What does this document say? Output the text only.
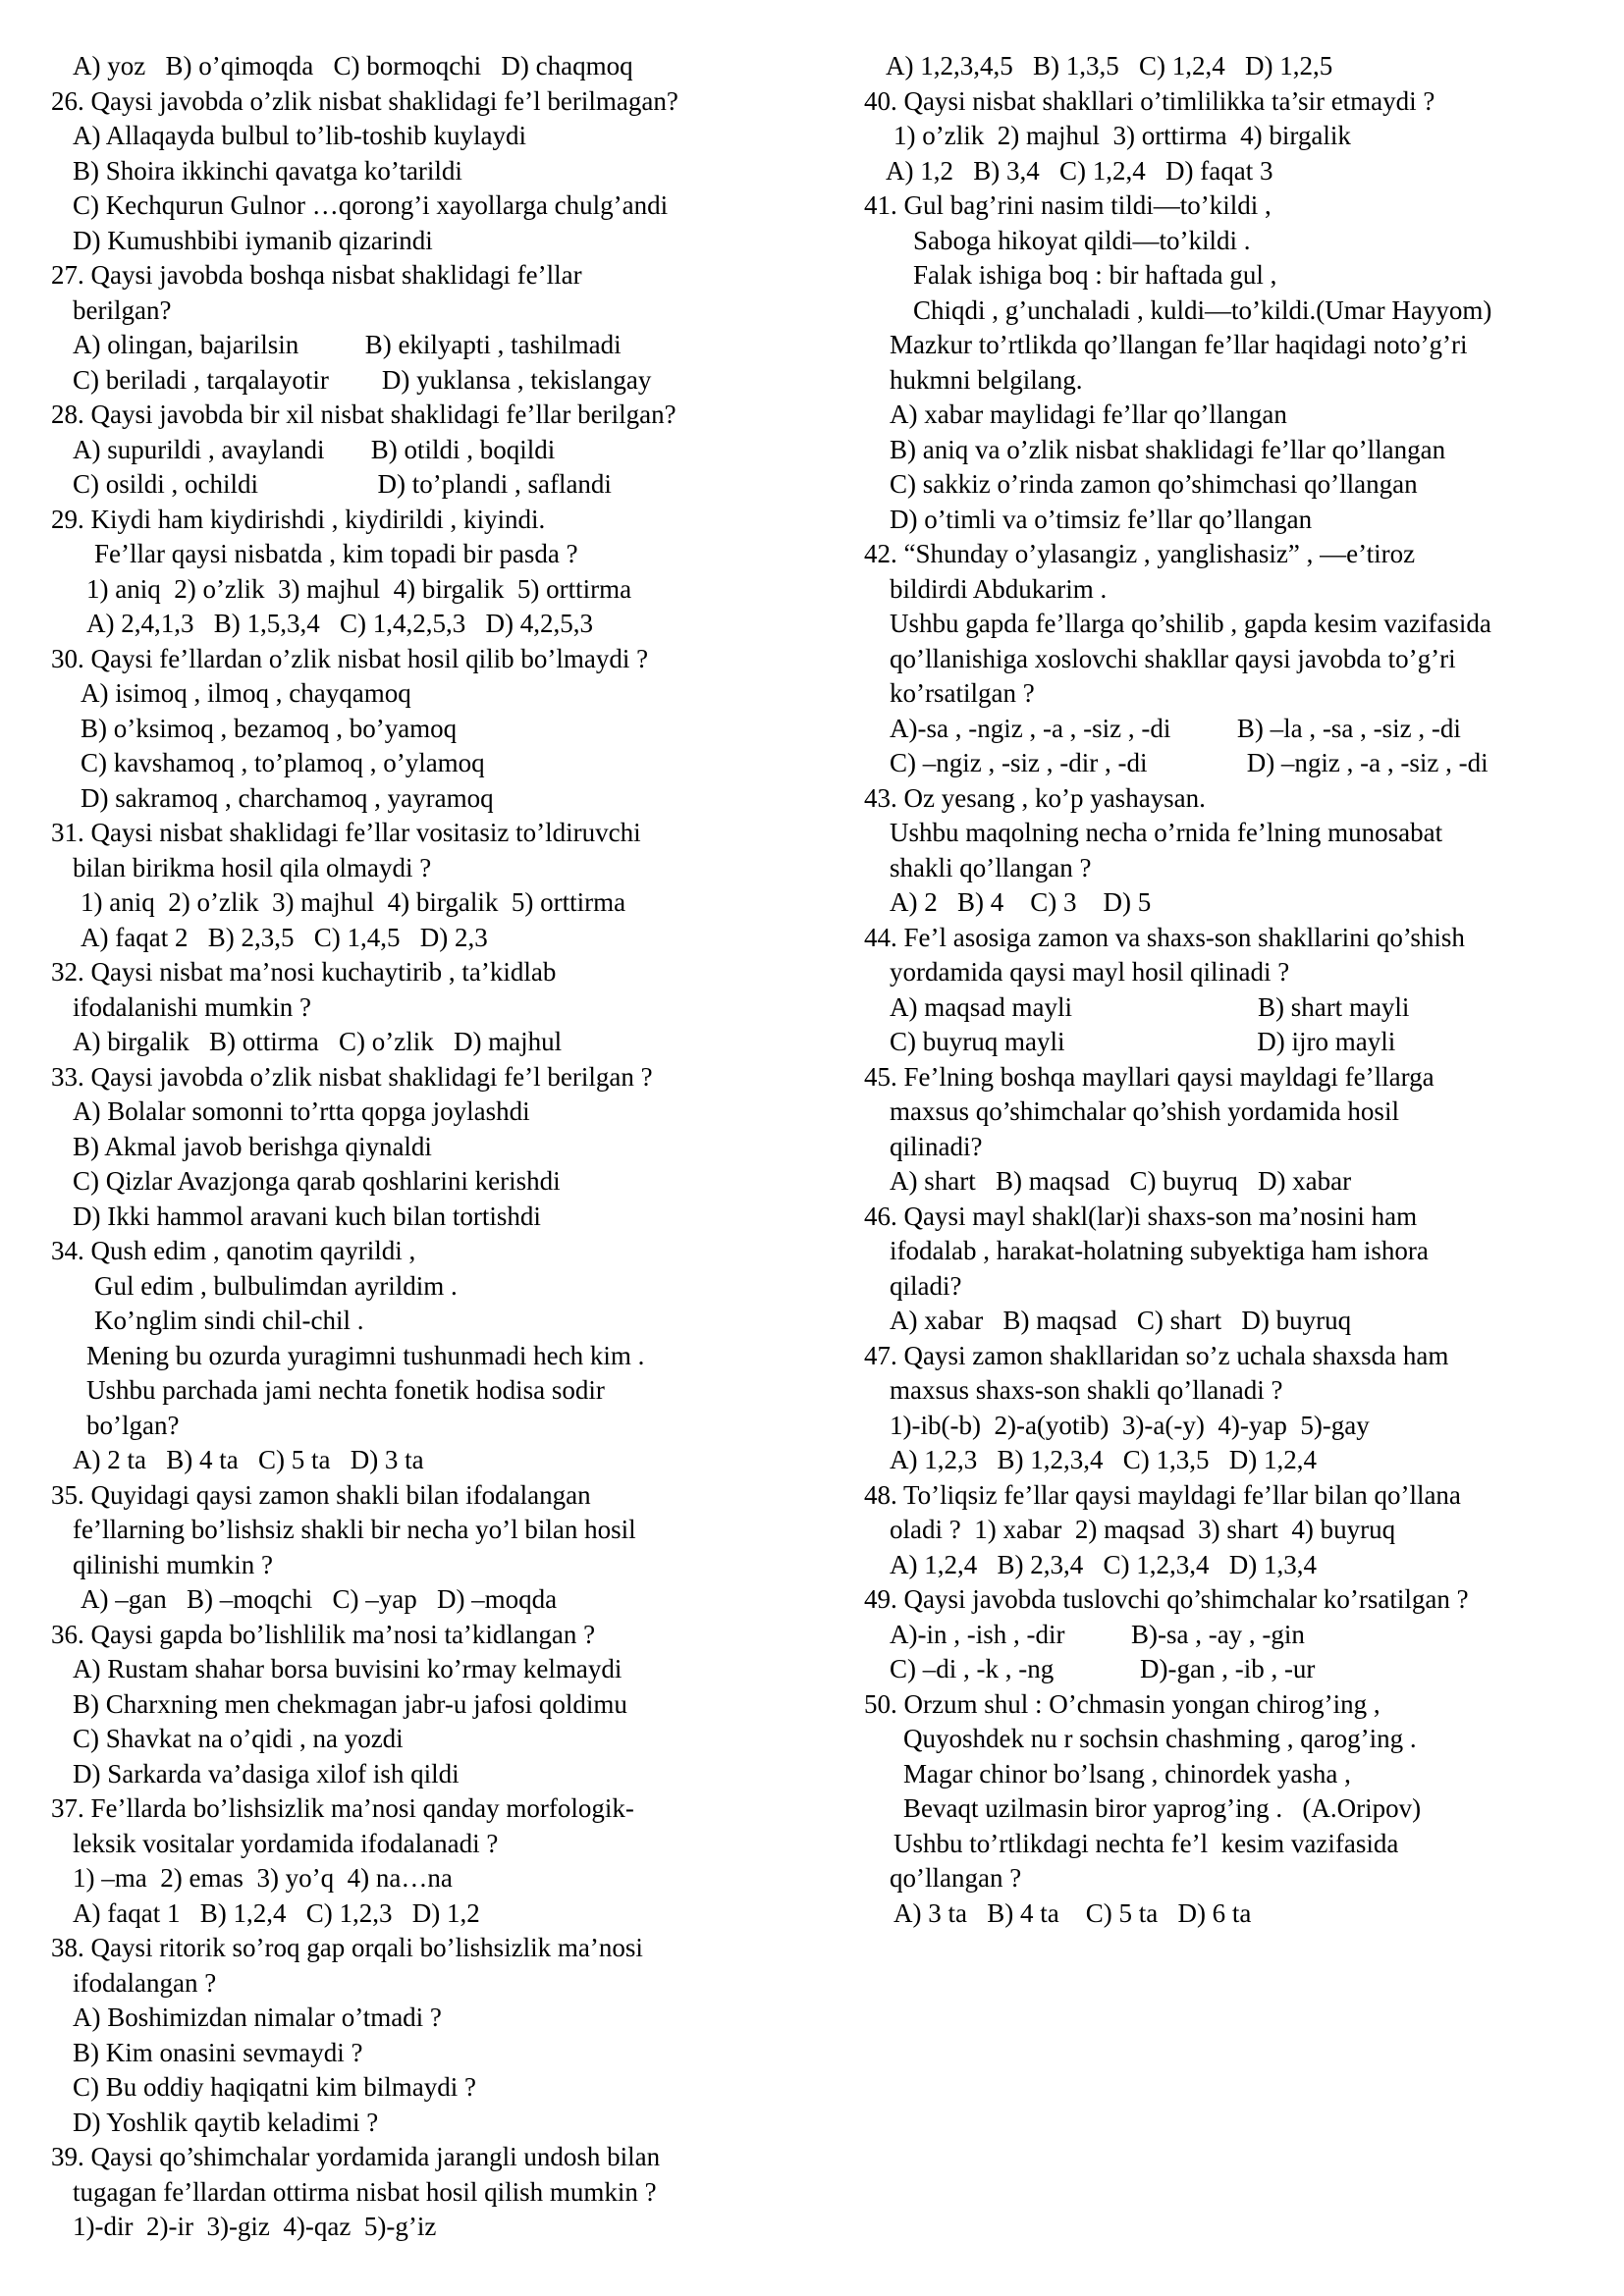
A) yoz   B) o’qimoqda   C) bormoqchi   D) chaqmoq
26. Qaysi javobda o’zlik nisbat shaklidagi fe’l berilmagan?
A) Allaqayda bulbul to’lib-toshib kuylaydi
B) Shoira ikkinchi qavatga ko’tarildi
C) Kechqurun Gulnor …qorong’i xayollarga chulg’andi
D) Kumushbibi iymanib qizarindi
27. Qaysi javobda boshqa nisbat shaklidagi fe’llar
berilgan?
A) olingan, bajarilsin          B) ekilyapti , tashilmadi
C) beriladi , tarqalayotir        D) yuklansa , tekislangay
28. Qaysi javobda bir xil nisbat shaklidagi fe’llar berilgan?
A) supurildi , avaylandi       B) otildi , boqildi
C) osildi , ochildi                  D) to’plandi , saflandi
29. Kiydi ham kiydirishdi , kiydirildi , kiyindi.
Fe’llar qaysi nisbatda , kim topadi bir pasda ?
1) aniq  2) o’zlik  3) majhul  4) birgalik  5) orttirma
A) 2,4,1,3   B) 1,5,3,4   C) 1,4,2,5,3   D) 4,2,5,3
30. Qaysi fe’llardan o’zlik nisbat hosil qilib bo’lmaydi ?
A) isimoq , ilmoq , chayqamoq
B) o’ksimoq , bezamoq , bo’yamoq
C) kavshamoq , to’plamoq , o’ylamoq
D) sakramoq , charchamoq , yayramoq
31. Qaysi nisbat shaklidagi fe’llar vositasiz to’ldiruvchi
bilan birikma hosil qila olmaydi ?
1) aniq  2) o’zlik  3) majhul  4) birgalik  5) orttirma
A) faqat 2   B) 2,3,5   C) 1,4,5   D) 2,3
32. Qaysi nisbat ma’nosi kuchaytirib , ta’kidlab
ifodalanishi mumkin ?
A) birgalik   B) ottirma   C) o’zlik   D) majhul
33. Qaysi javobda o’zlik nisbat shaklidagi fe’l berilgan ?
A) Bolalar somonni to’rtta qopga joylashdi
B) Akmal javob berishga qiynaldi
C) Qizlar Avazjonga qarab qoshlarini kerishdi
D) Ikki hammol aravani kuch bilan tortishdi
34. Qush edim , qanotim qayrildi ,
Gul edim , bulbulimdan ayrildim .
Ko’nglim sindi chil-chil .
Mening bu ozurda yuragimni tushunmadi hech kim .
Ushbu parchada jami nechta fonetik hodisa sodir
bo’lgan?
A) 2 ta   B) 4 ta   C) 5 ta   D) 3 ta
35. Quyidagi qaysi zamon shakli bilan ifodalangan
fe’llarning bo’lishsiz shakli bir necha yo’l bilan hosil
qilinishi mumkin ?
A) –gan   B) –moqchi   C) –yap   D) –moqda
36. Qaysi gapda bo’lishlilik ma’nosi ta’kidlangan ?
A) Rustam shahar borsa buvisini ko’rmay kelmaydi
B) Charxning men chekmagan jabr-u jafosi qoldimu
C) Shavkat na o’qidi , na yozdi
D) Sarkarda va’dasiga xilof ish qildi
37. Fe’llarda bo’lishsizlik ma’nosi qanday morfologik-
leksik vositalar yordamida ifodalanadi ?
1) –ma  2) emas  3) yo’q  4) na…na
A) faqat 1   B) 1,2,4   C) 1,2,3   D) 1,2
38. Qaysi ritorik so’roq gap orqali bo’lishsizlik ma’nosi
ifodalangan ?
A) Boshimizdan nimalar o’tmadi ?
B) Kim onasini sevmaydi ?
C) Bu oddiy haqiqatni kim bilmaydi ?
D) Yoshlik qaytib keladimi ?
39. Qaysi qo’shimchalar yordamida jarangli undosh bilan
tugagan fe’llardan ottirma nisbat hosil qilish mumkin ?
1)-dir  2)-ir  3)-giz  4)-qaz  5)-g’iz
A) 1,2,3,4,5   B) 1,3,5   C) 1,2,4   D) 1,2,5
40. Qaysi nisbat shakllari o’timlilikka ta’sir etmaydi ?
1) o’zlik  2) majhul  3) orttirma  4) birgalik
A) 1,2   B) 3,4   C) 1,2,4   D) faqat 3
41. Gul bag’rini nasim tildi—to’kildi ,
Saboga hikoyat qildi—to’kildi .
Falak ishiga boq : bir haftada gul ,
Chiqdi , g’unchaladi , kuldi—to’kildi.(Umar Hayyom)
Mazkur to’rtlikda qo’llangan fe’llar haqidagi noto’g’ri
hukmni belgilang.
A) xabar maylidagi fe’llar qo’llangan
B) aniq va o’zlik nisbat shaklidagi fe’llar qo’llangan
C) sakkiz o’rinda zamon qo’shimchasi qo’llangan
D) o’timli va o’timsiz fe’llar qo’llangan
42. “Shunday o’ylasangiz , yanglishasiz” , —e’tiroz
bildirdi Abdukarim .
Ushbu gapda fe’llarga qo’shilib , gapda kesim vazifasida
qo’llanishiga xoslovchi shakllar qaysi javobda to’g’ri
ko’rsatilgan ?
A)-sa , -ngiz , -a , -siz , -di          B) –la , -sa , -siz , -di
C) –ngiz , -siz , -dir , -di               D) –ngiz , -a , -siz , -di
43. Oz yesang , ko’p yashaysan.
Ushbu maqolning necha o’rnida fe’lning munosabat
shakli qo’llangan ?
A) 2   B) 4    C) 3    D) 5
44. Fe’l asosiga zamon va shaxs-son shakllarini qo’shish
yordamida qaysi mayl hosil qilinadi ?
A) maqsad mayli                            B) shart mayli
C) buyruq mayli                             D) ijro mayli
45. Fe’lning boshqa mayllari qaysi mayldagi fe’llarga
maxsus qo’shimchalar qo’shish yordamida hosil
qilinadi?
A) shart   B) maqsad   C) buyruq   D) xabar
46. Qaysi mayl shakl(lar)i shaxs-son ma’nosini ham
ifodalab , harakat-holatning subyektiga ham ishora
qiladi?
A) xabar   B) maqsad   C) shart   D) buyruq
47. Qaysi zamon shakllaridan so’z uchala shaxsda ham
maxsus shaxs-son shakli qo’llanadi ?
1)-ib(-b)  2)-a(yotib)  3)-a(-y)  4)-yap  5)-gay
A) 1,2,3   B) 1,2,3,4   C) 1,3,5   D) 1,2,4
48. To’liqsiz fe’llar qaysi mayldagi fe’llar bilan qo’llana
oladi ?  1) xabar  2) maqsad  3) shart  4) buyruq
A) 1,2,4   B) 2,3,4   C) 1,2,3,4   D) 1,3,4
49. Qaysi javobda tuslovchi qo’shimchalar ko’rsatilgan ?
A)-in , -ish , -dir          B)-sa , -ay , -gin
C) –di , -k , -ng             D)-gan , -ib , -ur
50. Orzum shul : O’chmasin yongan chirog’ing ,
Quyoshdek nu r sochsin chashming , qarog’ing .
Magar chinor bo’lsang , chinordek yasha ,
Bevaqt uzilmasin biror yaprog’ing .   (A.Oripov)
Ushbu to’rtlikdagi nechta fe’l  kesim vazifasida
qo’llangan ?
A) 3 ta   B) 4 ta    C) 5 ta   D) 6 ta
